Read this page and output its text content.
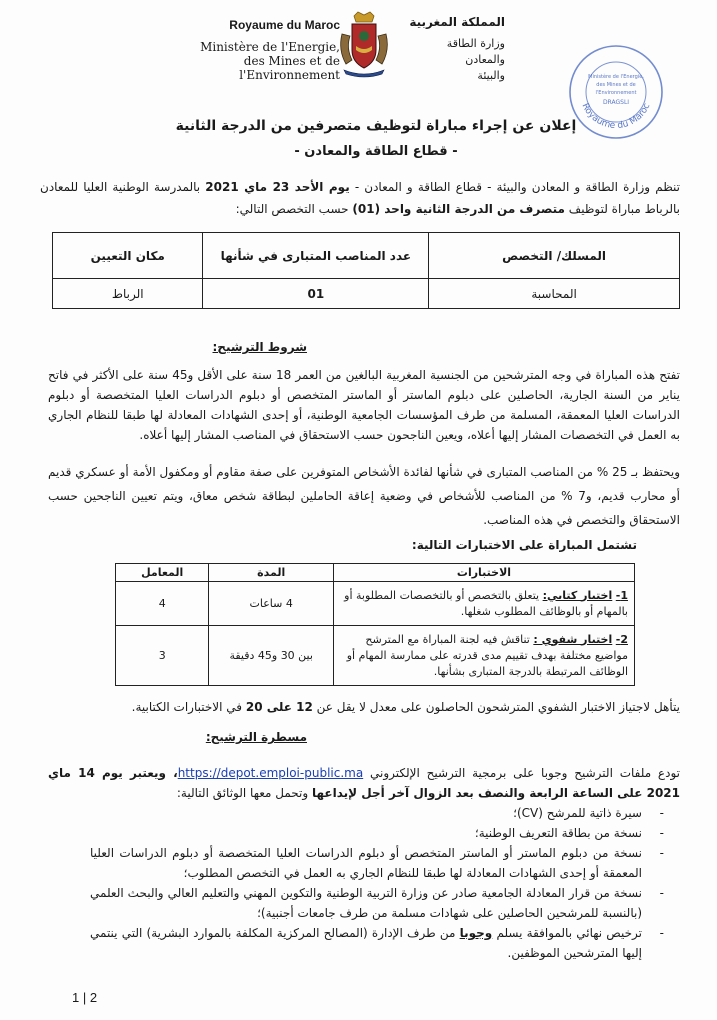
Royaume du Maroc
Ministère de l'Energie,
des Mines et de
l'Environnement
المملكة المغربية
وزارة الطاقة
والمعادن
والبيئة
Royaume du Maroc
Ministère de l'Energie,
des Mines et de
l'Environnement
DRAGSLI
إعلان عن إجراء مباراة لتوظيف متصرفين من الدرجة الثانية
- قطاع الطاقة والمعادن -
تنظم وزارة الطاقة و المعادن والبيئة - قطاع الطاقة و المعادن - يوم الأحد 23 ماي 2021 بالمدرسة الوطنية العليا للمعادن بالرباط مباراة لتوظيف متصرف من الدرجة الثانية واحد (01) حسب التخصص التالي:
المسلك/ التخصص	عدد المناصب المتبارى في شأنها	مكان التعيين
المحاسبة	01	الرباط
شروط الترشيح:
تفتح هذه المباراة في وجه المترشحين من الجنسية المغربية البالغين من العمر 18 سنة على الأقل و45 سنة على الأكثر في فاتح يناير من السنة الجارية، الحاصلين على دبلوم الماستر أو الماستر المتخصص أو دبلوم الدراسات العليا المتخصصة أو دبلوم الدراسات العليا المعمقة، المسلمة من طرف المؤسسات الجامعية الوطنية، أو إحدى الشهادات المعادلة لها طبقا للنظام الجاري به العمل في التخصصات المشار إليها أعلاه، ويعين الناجحون حسب الاستحقاق في المناصب المشار إليها أعلاه.
ويحتفظ بـ 25 % من المناصب المتبارى في شأنها لفائدة الأشخاص المتوفرين على صفة مقاوم أو ومكفول الأمة أو عسكري قديم أو محارب قديم، و7 % من المناصب للأشخاص في وضعية إعاقة الحاملين لبطاقة شخص معاق، ويتم تعيين الناجحين حسب الاستحقاق والتخصص في هذه المناصب.
تشتمل المباراة على الاختبارات التالية:
الاختبارات	المدة	المعامل
1- اختبار كتابي: يتعلق بالتخصص أو بالتخصصات المطلوبة أو بالمهام أو بالوظائف المطلوب شغلها.	4 ساعات	4
2- اختبار شفوي : تناقش فيه لجنة المباراة مع المترشح مواضيع مختلفة بهدف تقييم مدى قدرته على ممارسة المهام أو الوظائف المرتبطة بالدرجة المتبارى بشأنها.	بين 30 و45 دقيقة	3
يتأهل لاجتياز الاختبار الشفوي المترشحون الحاصلون على معدل لا يقل عن 12 على 20 في الاختبارات الكتابية.
مسطرة الترشيح:
تودع ملفات الترشيح وجوبا على برمجية الترشيح الإلكتروني https://depot.emploi-public.ma، ويعتبر يوم 14 ماي 2021 على الساعة الرابعة والنصف بعد الزوال آخر أجل لإيداعها وتحمل معها الوثائق التالية:
- سيرة ذاتية للمرشح (CV)؛
- نسخة من بطاقة التعريف الوطنية؛
- نسخة من دبلوم الماستر أو الماستر المتخصص أو دبلوم الدراسات العليا المتخصصة أو دبلوم الدراسات العليا المعمقة أو إحدى الشهادات المعادلة لها طبقا للنظام الجاري به العمل في التخصص المطلوب؛
- نسخة من قرار المعادلة الجامعية صادر عن وزارة التربية الوطنية والتكوين المهني والتعليم العالي والبحث العلمي (بالنسبة للمرشحين الحاصلين على شهادات مسلمة من طرف جامعات أجنبية)؛
- ترخيص نهائي بالموافقة يسلم وجوبا من طرف الإدارة (المصالح المركزية المكلفة بالموارد البشرية) التي ينتمي إليها المترشحين الموظفين.
1 | 2
